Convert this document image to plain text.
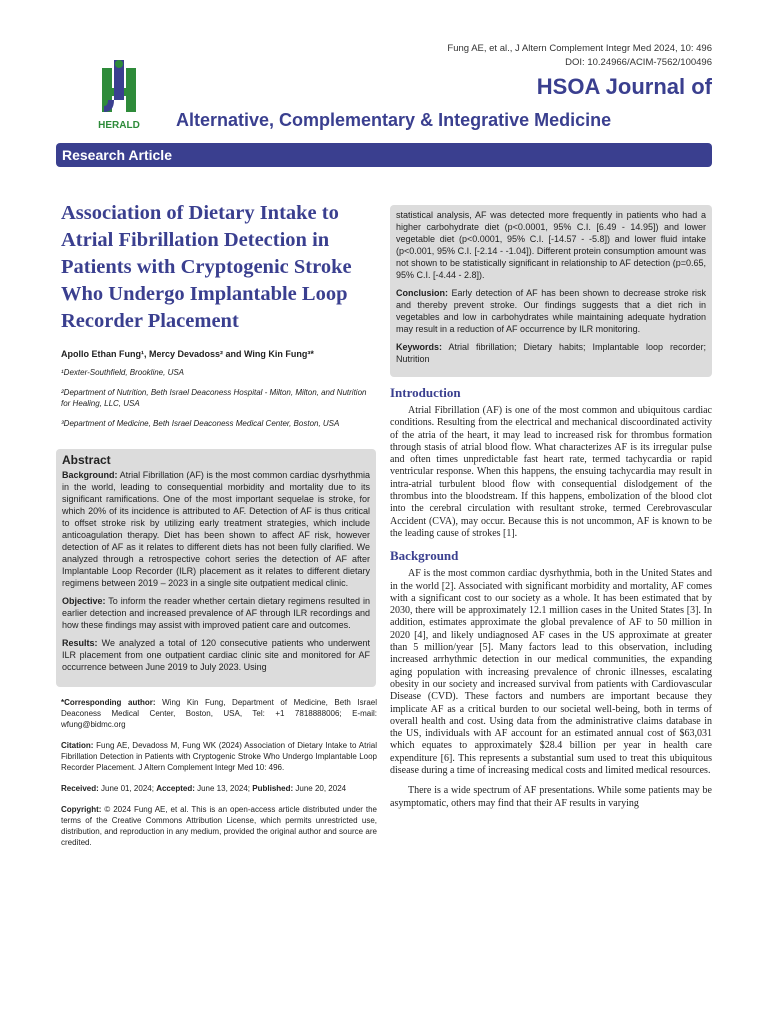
Fung AE, et al., J Altern Complement Integr Med 2024, 10: 496
DOI: 10.24966/ACIM-7562/100496
HERALD
HSOA Journal of
Alternative, Complementary & Integrative Medicine
Research Article
Association of Dietary Intake to Atrial Fibrillation Detection in Patients with Cryptogenic Stroke Who Undergo Implantable Loop Recorder Placement
Apollo Ethan Fung¹, Mercy Devadoss² and Wing Kin Fung³*
¹Dexter-Southfield, Brookline, USA
²Department of Nutrition, Beth Israel Deaconess Hospital - Milton, Milton, and Nutrition for Healing, LLC, USA
³Department of Medicine, Beth Israel Deaconess Medical Center, Boston, USA
Abstract

Background: Atrial Fibrillation (AF) is the most common cardiac dysrhythmia in the world, leading to consequential morbidity and mortality due to its significant ramifications. One of the most important sequelae is stroke, for which 20% of its incidence is attributed to AF. Detection of AF is thus critical to offset stroke risk by utilizing early treatment strategies, which include anticoagulation therapy. Diet has been shown to affect AF risk, however detection of AF as it relates to different diets has not been fully clarified. We analyzed through a retrospective cohort series the detection of AF after Implantable Loop Recorder (ILR) placement as it relates to different dietary regimens between 2019 – 2023 in a single site outpatient medical clinic.

Objective: To inform the reader whether certain dietary regimens resulted in earlier detection and increased prevalence of AF through ILR recordings and how these findings may assist with improved patient care and outcomes.

Results: We analyzed a total of 120 consecutive patients who underwent ILR placement from one outpatient cardiac clinic site and monitored for AF occurrence between June 2019 to July 2023. Using

*Corresponding author: Wing Kin Fung, Department of Medicine, Beth Israel Deaconess Medical Center, Boston, USA, Tel: +1 7818888006; E-mail: wfung@bidmc.org
Citation: Fung AE, Devadoss M, Fung WK (2024) Association of Dietary Intake to Atrial Fibrillation Detection in Patients with Cryptogenic Stroke Who Undergo Implantable Loop Recorder Placement. J Altern Complement Integr Med 10: 496.
Received: June 01, 2024; Accepted: June 13, 2024; Published: June 20, 2024
Copyright: © 2024 Fung AE, et al. This is an open-access article distributed under the terms of the Creative Commons Attribution License, which permits unrestricted use, distribution, and reproduction in any medium, provided the original author and source are credited.

statistical analysis, AF was detected more frequently in patients who had a higher carbohydrate diet (p<0.0001, 95% C.I. [6.49 - 14.95]) and lower vegetable diet (p<0.0001, 95% C.I. [-14.57 - -5.8]) and lower fluid intake (p<0.001, 95% C.I. [-2.14 - -1.04]). Different protein consumption amount was not shown to be statistically significant in relationship to AF detection (p=0.65, 95% C.I. [-4.44 - 2.8]).

Conclusion: Early detection of AF has been shown to decrease stroke risk and thereby prevent stroke. Our findings suggests that a diet rich in vegetables and low in carbohydrates while maintaining adequate hydration may result in a reduction of AF occurrence by ILR monitoring.

Keywords: Atrial fibrillation; Dietary habits; Implantable loop recorder; Nutrition

Introduction

Atrial Fibrillation (AF) is one of the most common and ubiquitous cardiac conditions. Resulting from the electrical and mechanical discoordinated activity of the atria of the heart, it may lead to increased risk for thrombus formation through stasis of atrial blood flow. What characterizes AF is its irregular pulse and often times unpredictable fast heart rate, termed tachycardia or rapid ventricular response. When this happens, the ensuing tachycardia may result in intra-atrial turbulent blood flow with consequential dislodgement of the thrombus into the bloodstream. If this happens, embolization of the blood clot into the cerebral circulation with resultant stroke, termed Cerebrovascular Accident (CVA), may occur. Because this is not uncommon, AF is known to be the leading cause of strokes [1].

Background

AF is the most common cardiac dysrhythmia, both in the United States and in the world [2]. Associated with significant morbidity and mortality, AF comes with a significant cost to our society as a whole. It has been estimated that by 2030, there will be approximately 12.1 million cases in the United States [3]. In addition, estimates approximate the global prevalence of AF to 50 million in 2020 [4], and likely undiagnosed AF cases in the US approximate at greater than 5 million/year [5]. Many factors lead to this observation, including increased arrhythmic detection in our medical communities, the expanding aging population with increasing prevalence of chronic illnesses, escalating obesity in our society and increased survival from patients with Cardiovascular Disease (CVD). These factors and numbers are important because they implicate AF as a critical burden to our societal well-being, both in terms of overall health and cost. Using data from the administrative claims database in the US, individuals with AF account for an estimated annual cost of $63,031 which equates to approximately $28.4 billion per year in health care expenditure [6]. This represents a substantial sum used to treat this ubiquitous disease during a time of increasing medical costs and limited medical resources.

There is a wide spectrum of AF presentations. While some patients may be asymptomatic, others may find that their AF results in varying
